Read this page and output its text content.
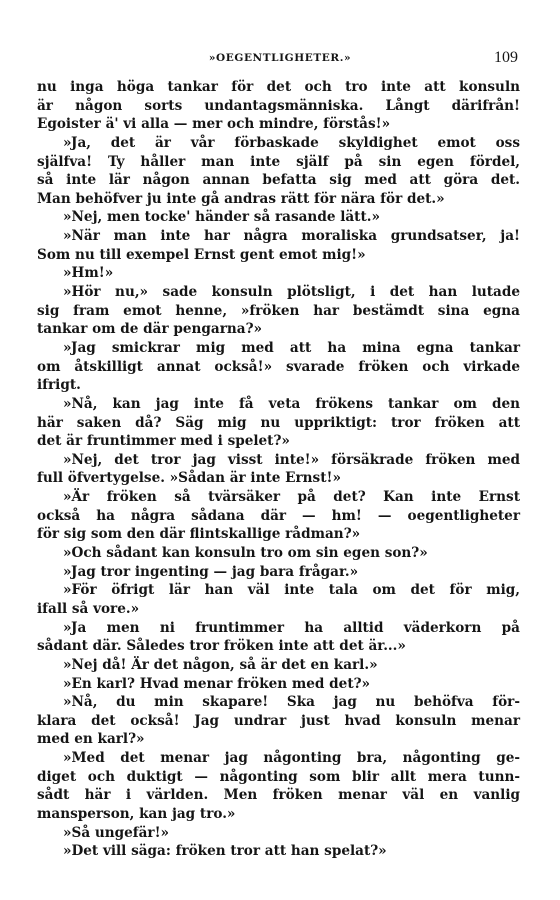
»OEGENTLIGHETER.»	109
nu inga höga tankar för det och tro inte att konsuln
är någon sorts undantagsmänniska. Långt därifrån!
Egoister ä' vi alla — mer och mindre, förstås!»
»Ja, det är vår förbaskade skyldighet emot oss
själfva! Ty håller man inte själf på sin egen fördel,
så inte lär någon annan befatta sig med att göra det.
Man behöfver ju inte gå andras rätt för nära för det.»
»Nej, men tocke' händer så rasande lätt.»
»När man inte har några moraliska grundsatser, ja!
Som nu till exempel Ernst gent emot mig!»
»Hm!»
»Hör nu,» sade konsuln plötsligt, i det han lutade
sig fram emot henne, »fröken har bestämdt sina egna
tankar om de där pengarna?»
»Jag smickrar mig med att ha mina egna tankar
om åtskilligt annat också!» svarade fröken och virkade
ifrigt.
»Nå, kan jag inte få veta frökens tankar om den
här saken då? Säg mig nu uppriktigt: tror fröken att
det är fruntimmer med i spelet?»
»Nej, det tror jag visst inte!» försäkrade fröken med
full öfvertygelse. »Sådan är inte Ernst!»
»Är fröken så tvärsäker på det? Kan inte Ernst
också ha några sådana där — hm! — oegentligheter
för sig som den där flintskallige rådman?»
»Och sådant kan konsuln tro om sin egen son?»
»Jag tror ingenting — jag bara frågar.»
»För öfrigt lär han väl inte tala om det för mig,
ifall så vore.»
»Ja men ni fruntimmer ha alltid väderkorn på
sådant där. Således tror fröken inte att det är...»
»Nej då! Är det någon, så är det en karl.»
»En karl? Hvad menar fröken med det?»
»Nå, du min skapare! Ska jag nu behöfva för-
klara det också! Jag undrar just hvad konsuln menar
med en karl?»
»Med det menar jag någonting bra, någonting ge-
diget och duktigt — någonting som blir allt mera tunn-
sådt här i världen. Men fröken menar väl en vanlig
mansperson, kan jag tro.»
»Så ungefär!»
»Det vill säga: fröken tror att han spelat?»
